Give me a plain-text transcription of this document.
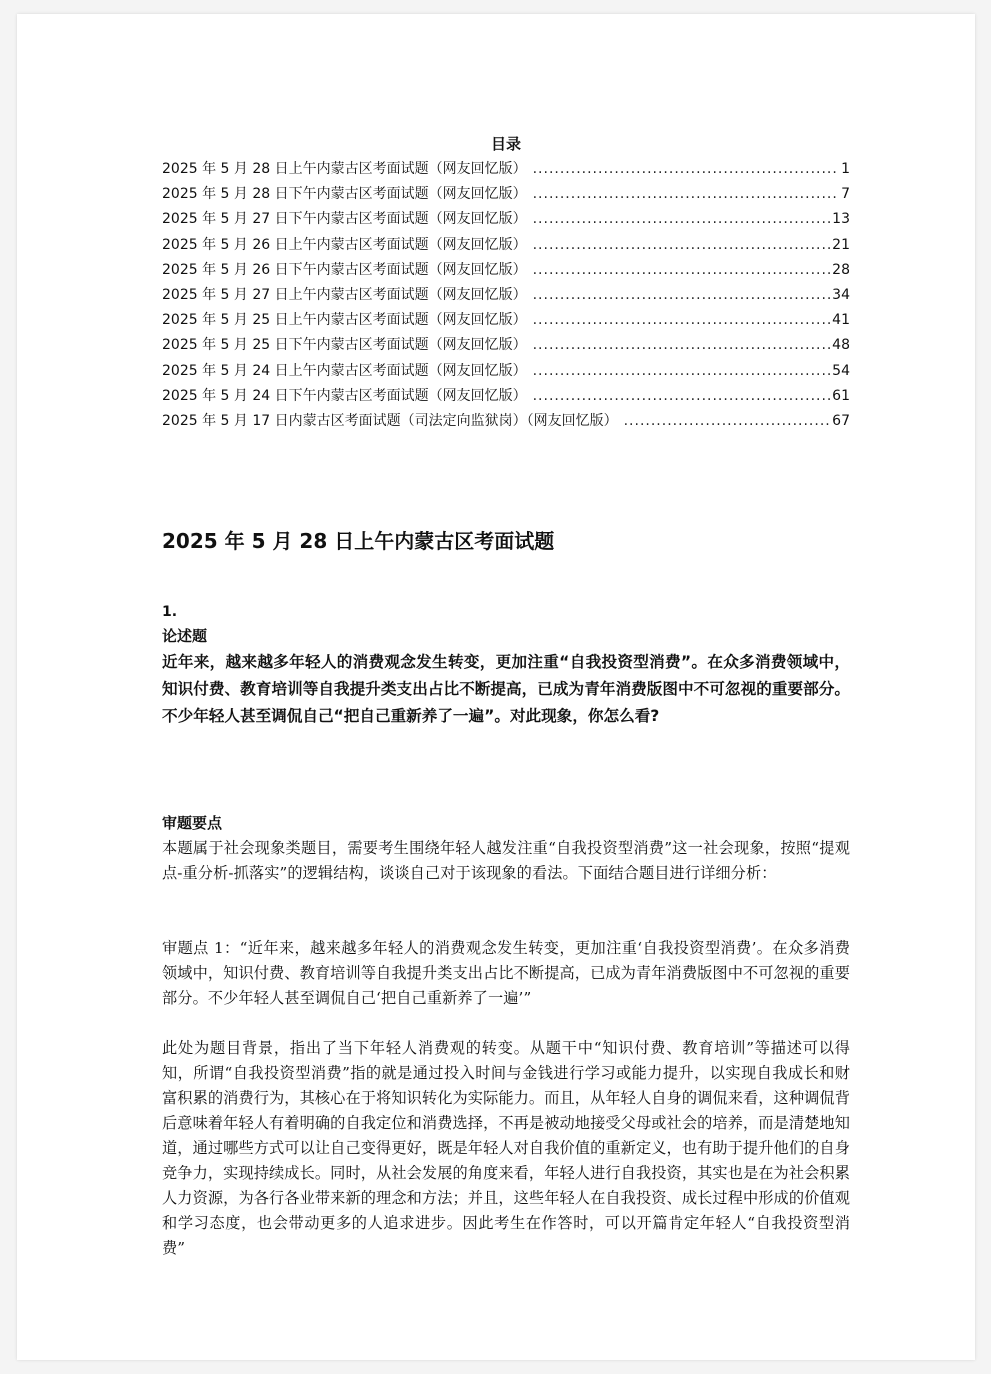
目录
2025 年 5 月 28 日上午内蒙古区考面试题（网友回忆版） .....	1
2025 年 5 月 28 日下午内蒙古区考面试题（网友回忆版） .....	7
2025 年 5 月 27 日下午内蒙古区考面试题（网友回忆版） .....	13
2025 年 5 月 26 日上午内蒙古区考面试题（网友回忆版） .....	21
2025 年 5 月 26 日下午内蒙古区考面试题（网友回忆版） .....	28
2025 年 5 月 27 日上午内蒙古区考面试题（网友回忆版） .....	34
2025 年 5 月 25 日上午内蒙古区考面试题（网友回忆版） .....	41
2025 年 5 月 25 日下午内蒙古区考面试题（网友回忆版） .....	48
2025 年 5 月 24 日上午内蒙古区考面试题（网友回忆版） .....	54
2025 年 5 月 24 日下午内蒙古区考面试题（网友回忆版） .....	61
2025 年 5 月 17 日内蒙古区考面试题（司法定向监狱岗）（网友回忆版） .....	67
2025 年 5 月 28 日上午内蒙古区考面试题
1.
论述题
近年来，越来越多年轻人的消费观念发生转变，更加注重“自我投资型消费”。在众多消费领域中，知识付费、教育培训等自我提升类支出占比不断提高，已成为青年消费版图中不可忽视的重要部分。不少年轻人甚至调侃自己“把自己重新养了一遍”。对此现象，你怎么看?
审题要点
本题属于社会现象类题目，需要考生围绕年轻人越发注重“自我投资型消费”这一社会现象，按照“提观点-重分析-抓落实”的逻辑结构，谈谈自己对于该现象的看法。下面结合题目进行详细分析：
审题点 1：“近年来，越来越多年轻人的消费观念发生转变，更加注重‘自我投资型消费’。在众多消费领域中，知识付费、教育培训等自我提升类支出占比不断提高，已成为青年消费版图中不可忽视的重要部分。不少年轻人甚至调侃自己‘把自己重新养了一遍’”
此处为题目背景，指出了当下年轻人消费观的转变。从题干中“知识付费、教育培训”等描述可以得知，所谓“自我投资型消费”指的就是通过投入时间与金钱进行学习或能力提升，以实现自我成长和财富积累的消费行为，其核心在于将知识转化为实际能力。而且，从年轻人自身的调侃来看，这种调侃背后意味着年轻人有着明确的自我定位和消费选择，不再是被动地接受父母或社会的培养，而是清楚地知道，通过哪些方式可以让自己变得更好，既是年轻人对自我价值的重新定义，也有助于提升他们的自身竞争力，实现持续成长。同时，从社会发展的角度来看，年轻人进行自我投资，其实也是在为社会积累人力资源，为各行各业带来新的理念和方法；并且，这些年轻人在自我投资、成长过程中形成的价值观和学习态度，也会带动更多的人追求进步。因此考生在作答时，可以开篇肯定年轻人“自我投资型消费”
